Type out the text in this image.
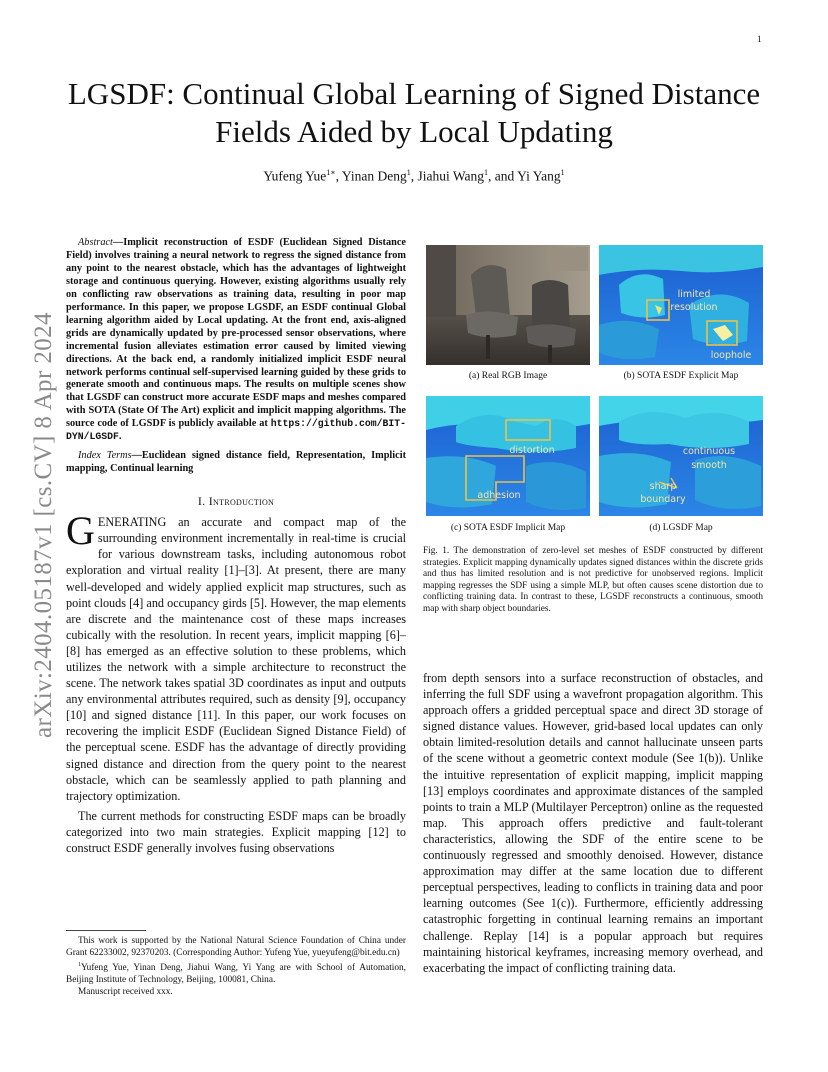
1
arXiv:2404.05187v1 [cs.CV] 8 Apr 2024
LGSDF: Continual Global Learning of Signed Distance Fields Aided by Local Updating
Yufeng Yue$^{1∗}$, Yinan Deng$^1$, Jiahui Wang$^1$, and Yi Yang$^1$

Abstract—Implicit reconstruction of ESDF (Euclidean Signed Distance Field) involves training a neural network to regress the signed distance from any point to the nearest obstacle, which has the advantages of lightweight storage and continuous querying. However, existing algorithms usually rely on conflicting raw observations as training data, resulting in poor map performance. In this paper, we propose LGSDF, an ESDF continual Global learning algorithm aided by Local updating. At the front end, axis-aligned grids are dynamically updated by pre-processed sensor observations, where incremental fusion alleviates estimation error caused by limited viewing directions. At the back end, a randomly initialized implicit ESDF neural network performs continual self-supervised learning guided by these grids to generate smooth and continuous maps. The results on multiple scenes show that LGSDF can construct more accurate ESDF maps and meshes compared with SOTA (State Of The Art) explicit and implicit mapping algorithms. The source code of LGSDF is publicly available at https://github.com/BIT-DYN/LGSDF.

Index Terms—Euclidean signed distance field, Representation, Implicit mapping, Continual learning

I. Introduction

GENERATING an accurate and compact map of the surrounding environment incrementally in real-time is crucial for various downstream tasks, including autonomous robot exploration and virtual reality [1]–[3]. At present, there are many well-developed and widely applied explicit map structures, such as point clouds [4] and occupancy girds [5]. However, the map elements are discrete and the maintenance cost of these maps increases cubically with the resolution. In recent years, implicit mapping [6]–[8] has emerged as an effective solution to these problems, which utilizes the network with a simple architecture to reconstruct the scene. The network takes spatial 3D coordinates as input and outputs any environmental attributes required, such as density [9], occupancy [10] and signed distance [11]. In this paper, our work focuses on recovering the implicit ESDF (Euclidean Signed Distance Field) of the perceptual scene. ESDF has the advantage of directly providing signed distance and direction from the query point to the nearest obstacle, which can be seamlessly applied to path planning and trajectory optimization.

The current methods for constructing ESDF maps can be broadly categorized into two main strategies. Explicit mapping [12] to construct ESDF generally involves fusing observations

This work is supported by the National Natural Science Foundation of China under Grant 62233002, 92370203. (Corresponding Author: Yufeng Yue, yueyufeng@bit.edu.cn)

$^1$Yufeng Yue, Yinan Deng, Jiahui Wang, Yi Yang are with School of Automation, Beijing Institute of Technology, Beijing, 100081, China.

Manuscript received xxx.

(a) Real RGB Image
limited
resolution
loophole
(b) SOTA ESDF Explicit Map
distortion
adhesion
(c) SOTA ESDF Implicit Map
continuous
smooth
sharp
boundary
(d) LGSDF Map

Fig. 1. The demonstration of zero-level set meshes of ESDF constructed by different strategies. Explicit mapping dynamically updates signed distances within the discrete grids and thus has limited resolution and is not predictive for unobserved regions. Implicit mapping regresses the SDF using a simple MLP, but often causes scene distortion due to conflicting training data. In contrast to these, LGSDF reconstructs a continuous, smooth map with sharp object boundaries.

from depth sensors into a surface reconstruction of obstacles, and inferring the full SDF using a wavefront propagation algorithm. This approach offers a gridded perceptual space and direct 3D storage of signed distance values. However, grid-based local updates can only obtain limited-resolution details and cannot hallucinate unseen parts of the scene without a geometric context module (See 1(b)). Unlike the intuitive representation of explicit mapping, implicit mapping [13] employs coordinates and approximate distances of the sampled points to train a MLP (Multilayer Perceptron) online as the requested map. This approach offers predictive and fault-tolerant characteristics, allowing the SDF of the entire scene to be continuously regressed and smoothly denoised. However, distance approximation may differ at the same location due to different perceptual perspectives, leading to conflicts in training data and poor learning outcomes (See 1(c)). Furthermore, efficiently addressing catastrophic forgetting in continual learning remains an important challenge. Replay [14] is a popular approach but requires maintaining historical keyframes, increasing memory overhead, and exacerbating the impact of conflicting training data.
